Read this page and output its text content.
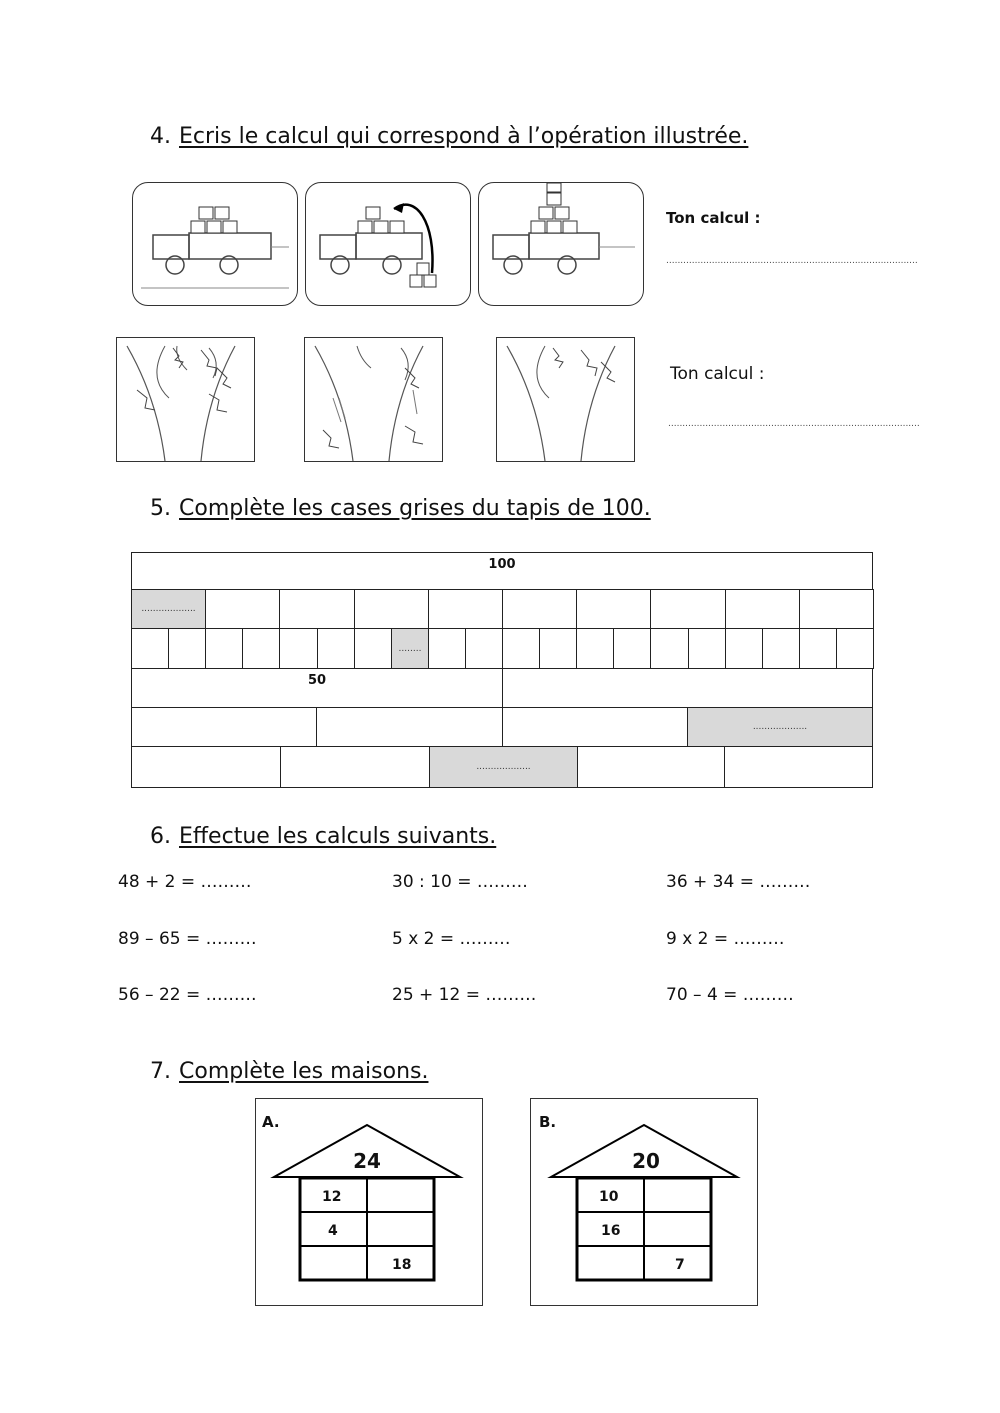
4. Ecris le calcul qui correspond à l’opération illustrée.
Ton calcul :
........................................................................................
Ton calcul :
........................................................................................
5. Complète les cases grises du tapis de 100.
100
50
...................
...................
...................
........
6. Effectue les calculs suivants.
48 + 2 = ………	30 : 10 = ………	36 + 34 = ………
89 – 65 = ………	5 x 2 = ………	9 x 2 = ………
56 – 22 = ………	25 + 12 = ………	70 – 4 = ………
7. Complète les maisons.
A.
24
12
4
18
B.
20
10
16
7
